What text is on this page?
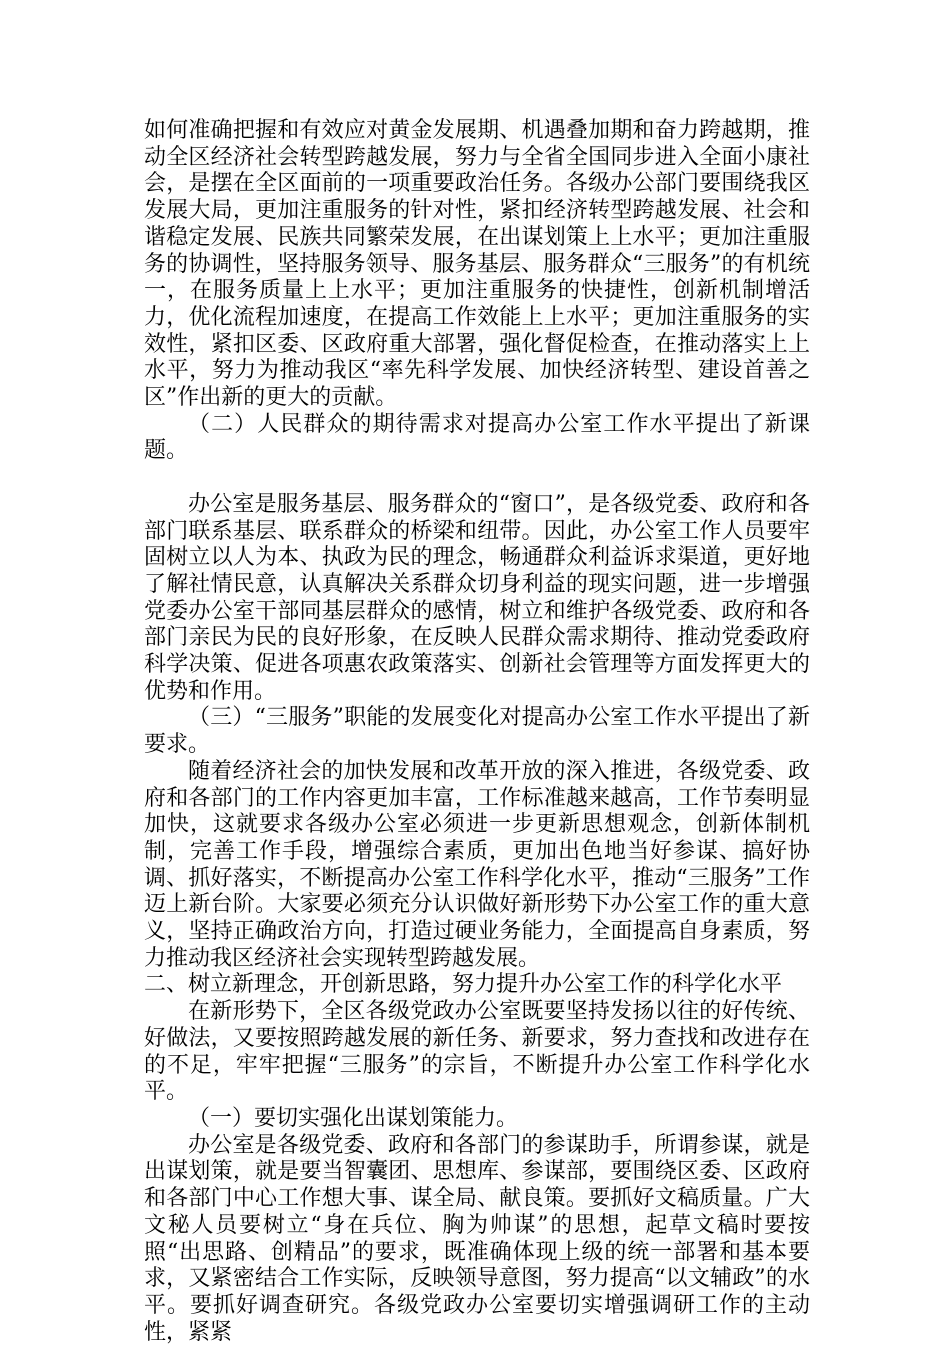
如何准确把握和有效应对黄金发展期、机遇叠加期和奋力跨越期，推动全区经济社会转型跨越发展，努力与全省全国同步进入全面小康社会，是摆在全区面前的一项重要政治任务。各级办公部门要围绕我区发展大局，更加注重服务的针对性，紧扣经济转型跨越发展、社会和谐稳定发展、民族共同繁荣发展，在出谋划策上上水平；更加注重服务的协调性，坚持服务领导、服务基层、服务群众“三服务”的有机统一，在服务质量上上水平；更加注重服务的快捷性，创新机制增活力，优化流程加速度，在提高工作效能上上水平；更加注重服务的实效性，紧扣区委、区政府重大部署，强化督促检查，在推动落实上上水平，努力为推动我区“率先科学发展、加快经济转型、建设首善之区”作出新的更大的贡献。

（二）人民群众的期待需求对提高办公室工作水平提出了新课题。

办公室是服务基层、服务群众的“窗口”，是各级党委、政府和各部门联系基层、联系群众的桥梁和纽带。因此，办公室工作人员要牢固树立以人为本、执政为民的理念，畅通群众利益诉求渠道，更好地了解社情民意，认真解决关系群众切身利益的现实问题，进一步增强党委办公室干部同基层群众的感情，树立和维护各级党委、政府和各部门亲民为民的良好形象，在反映人民群众需求期待、推动党委政府科学决策、促进各项惠农政策落实、创新社会管理等方面发挥更大的优势和作用。

（三）“三服务”职能的发展变化对提高办公室工作水平提出了新要求。

随着经济社会的加快发展和改革开放的深入推进，各级党委、政府和各部门的工作内容更加丰富，工作标准越来越高，工作节奏明显加快，这就要求各级办公室必须进一步更新思想观念，创新体制机制，完善工作手段，增强综合素质，更加出色地当好参谋、搞好协调、抓好落实，不断提高办公室工作科学化水平，推动“三服务”工作迈上新台阶。大家要必须充分认识做好新形势下办公室工作的重大意义，坚持正确政治方向，打造过硬业务能力，全面提高自身素质，努力推动我区经济社会实现转型跨越发展。

二、树立新理念，开创新思路，努力提升办公室工作的科学化水平

在新形势下，全区各级党政办公室既要坚持发扬以往的好传统、好做法，又要按照跨越发展的新任务、新要求，努力查找和改进存在的不足，牢牢把握“三服务”的宗旨，不断提升办公室工作科学化水平。

（一）要切实强化出谋划策能力。

办公室是各级党委、政府和各部门的参谋助手，所谓参谋，就是出谋划策，就是要当智囊团、思想库、参谋部，要围绕区委、区政府和各部门中心工作想大事、谋全局、献良策。要抓好文稿质量。广大文秘人员要树立“身在兵位、胸为帅谋”的思想，起草文稿时要按照“出思路、创精品”的要求，既准确体现上级的统一部署和基本要求，又紧密结合工作实际，反映领导意图，努力提高“以文辅政”的水平。要抓好调查研究。各级党政办公室要切实增强调研工作的主动性，紧紧
